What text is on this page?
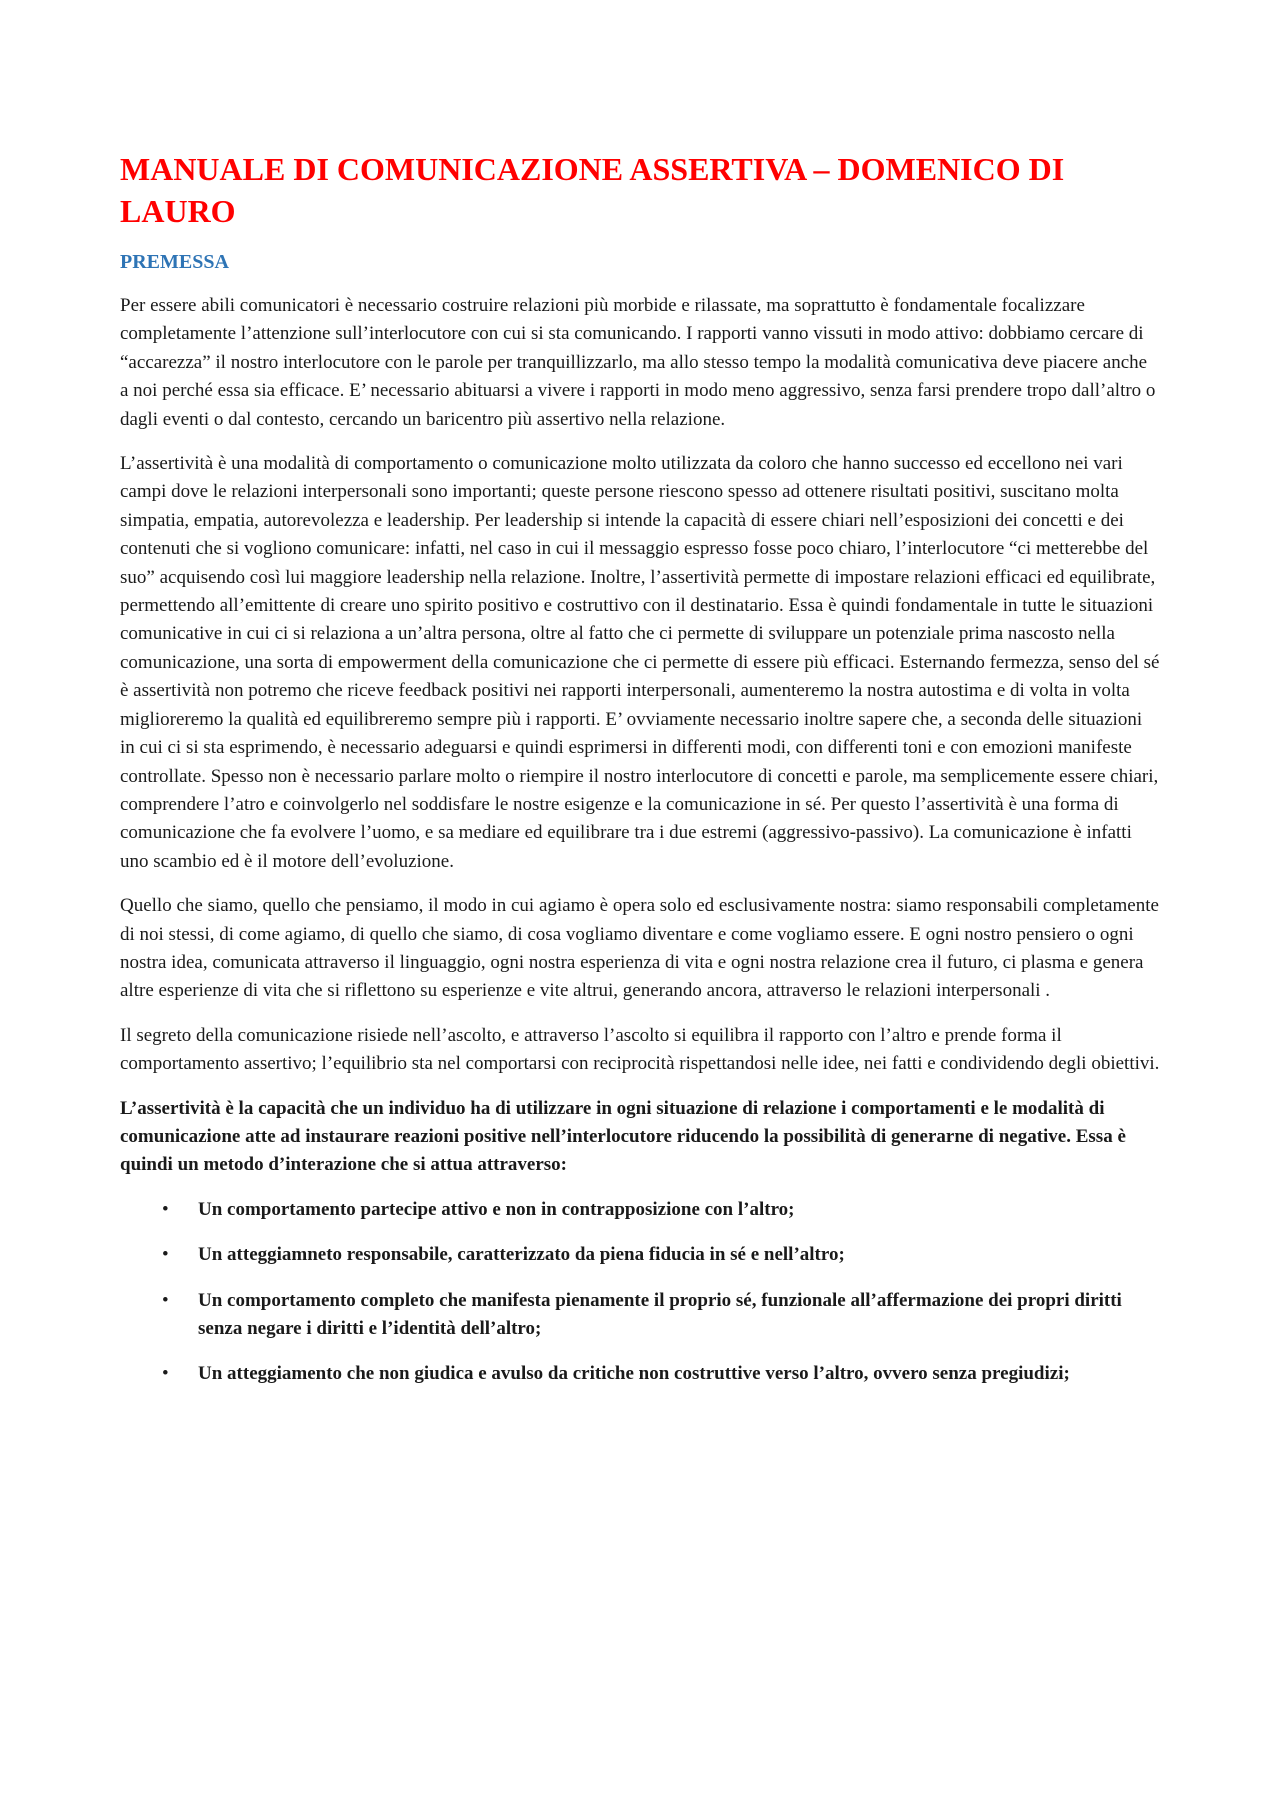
MANUALE DI COMUNICAZIONE ASSERTIVA – DOMENICO DI LAURO
PREMESSA

Per essere abili comunicatori è necessario costruire relazioni più morbide e rilassate, ma soprattutto è fondamentale focalizzare completamente l’attenzione sull’interlocutore con cui si sta comunicando. I rapporti vanno vissuti in modo attivo: dobbiamo cercare di “accarezza” il nostro interlocutore con le parole per tranquillizzarlo, ma allo stesso tempo la modalità comunicativa deve piacere anche a noi perché essa sia efficace. E’ necessario abituarsi a vivere i rapporti in modo meno aggressivo, senza farsi prendere tropo dall’altro o dagli eventi o dal contesto, cercando un baricentro più assertivo nella relazione.

L’assertività è una modalità di comportamento o comunicazione molto utilizzata da coloro che hanno successo ed eccellono nei vari campi dove le relazioni interpersonali sono importanti; queste persone riescono spesso ad ottenere risultati positivi, suscitano molta simpatia, empatia, autorevolezza e leadership. Per leadership si intende la capacità di essere chiari nell’esposizioni dei concetti e dei contenuti che si vogliono comunicare: infatti, nel caso in cui il messaggio espresso fosse poco chiaro, l’interlocutore “ci metterebbe del suo” acquisendo così lui maggiore leadership nella relazione. Inoltre, l’assertività permette di impostare relazioni efficaci ed equilibrate, permettendo all’emittente di creare uno spirito positivo e costruttivo con il destinatario. Essa è quindi fondamentale in tutte le situazioni comunicative in cui ci si relaziona a un’altra persona, oltre al fatto che ci permette di sviluppare un potenziale prima nascosto nella comunicazione, una sorta di empowerment della comunicazione che ci permette di essere più efficaci. Esternando fermezza, senso del sé è assertività non potremo che riceve feedback positivi nei rapporti interpersonali, aumenteremo la nostra autostima e di volta in volta miglioreremo la qualità ed equilibreremo sempre più i rapporti. E’ ovviamente necessario inoltre sapere che, a seconda delle situazioni in cui ci si sta esprimendo, è necessario adeguarsi e quindi esprimersi in differenti modi, con differenti toni e con emozioni manifeste controllate. Spesso non è necessario parlare molto o riempire il nostro interlocutore di concetti e parole, ma semplicemente essere chiari, comprendere l’atro e coinvolgerlo nel soddisfare le nostre esigenze e la comunicazione in sé. Per questo l’assertività è una forma di comunicazione che fa evolvere l’uomo, e sa mediare ed equilibrare tra i due estremi (aggressivo-passivo). La comunicazione è infatti uno scambio ed è il motore dell’evoluzione.

Quello che siamo, quello che pensiamo, il modo in cui agiamo è opera solo ed esclusivamente nostra: siamo responsabili completamente di noi stessi, di come agiamo, di quello che siamo, di cosa vogliamo diventare e come vogliamo essere. E ogni nostro pensiero o ogni nostra idea, comunicata attraverso il linguaggio, ogni nostra esperienza di vita e ogni nostra relazione crea il futuro, ci plasma e genera altre esperienze di vita che si riflettono su esperienze e vite altrui, generando ancora, attraverso le relazioni interpersonali .

Il segreto della comunicazione risiede nell’ascolto, e attraverso l’ascolto si equilibra il rapporto con l’altro e prende forma il comportamento assertivo; l’equilibrio sta nel comportarsi con reciprocità rispettandosi nelle idee, nei fatti e condividendo degli obiettivi.

L’assertività è la capacità che un individuo ha di utilizzare in ogni situazione di relazione i comportamenti e le modalità di comunicazione atte ad instaurare reazioni positive nell’interlocutore riducendo la possibilità di generarne di negative. Essa è quindi un metodo d’interazione che si attua attraverso:

• Un comportamento partecipe attivo e non in contrapposizione con l’altro;
• Un atteggiamneto responsabile, caratterizzato da piena fiducia in sé e nell’altro;
• Un comportamento completo che manifesta pienamente il proprio sé, funzionale all’affermazione dei propri diritti senza negare i diritti e l’identità dell’altro;
• Un atteggiamento che non giudica e avulso da critiche non costruttive verso l’altro, ovvero senza pregiudizi;
